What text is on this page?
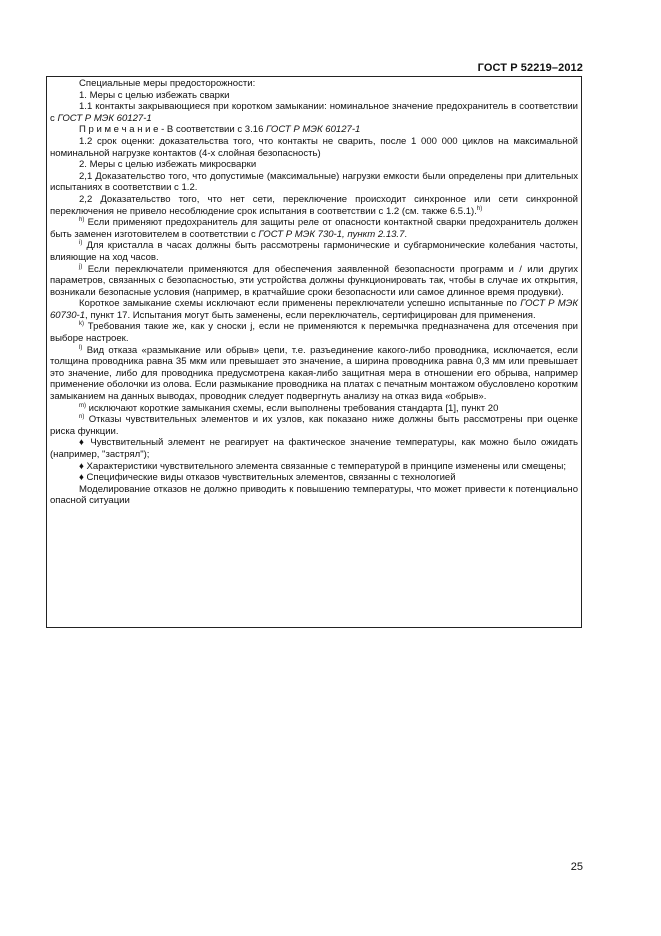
ГОСТ Р 52219–2012

Специальные меры предосторожности:

1. Меры с целью избежать сварки

1.1 контакты закрывающиеся при коротком замыкании: номинальное значение предохранитель в соответствии с ГОСТ Р МЭК 60127-1

П р и м е ч а н и е - В соответствии с 3.16 ГОСТ Р МЭК 60127-1

1.2 срок оценки: доказательства того, что контакты не сварить, после 1 000 000 циклов на максимальной номинальной нагрузке контактов (4-х слойная безопасность)

2. Меры с целью избежать микросварки

2,1 Доказательство того, что допустимые (максимальные) нагрузки емкости были определены при длительных испытаниях в соответствии с 1.2.

2,2 Доказательство того, что нет сети, переключение происходит синхронное или сети синхронной переключения не привело несоблюдение срок испытания в соответствии с 1.2 (см. также 6.5.1).$^{h)}$

$^{h)}$ Если применяют предохранитель для защиты реле от опасности контактной сварки предохранитель должен быть заменен изготовителем в соответствии с ГОСТ Р МЭК 730-1, пункт 2.13.7.

$^{i)}$ Для кристалла в часах должны быть рассмотрены гармонические и субгармонические колебания частоты, влияющие на ход часов.

$^{j)}$ Если переключатели применяются для обеспечения заявленной безопасности программ и / или других параметров, связанных с безопасностью, эти устройства должны функционировать так, чтобы в случае их открытия, возникали безопасные условия (например, в кратчайшие сроки безопасности или самое длинное время продувки).

Короткое замыкание схемы исключают если применены переключатели успешно испытанные по ГОСТ Р МЭК 60730-1, пункт 17. Испытания могут быть заменены, если переключатель, сертифицирован для применения.

$^{k)}$ Требования такие же, как у сноски j, если не применяются к перемычка предназначена для отсечения при выборе настроек.

$^{l)}$ Вид отказа «размыкание или обрыв» цепи, т.е. разъединение какого-либо проводника, исключается, если толщина проводника равна 35 мкм или превышает это значение, а ширина проводника равна 0,3 мм или превышает это значение, либо для проводника предусмотрена какая-либо защитная мера в отношении его обрыва, например применение оболочки из олова. Если размыкание проводника на платах с печатным монтажом обусловлено коротким замыканием на данных выводах, проводник следует подвергнуть анализу на отказ вида «обрыв».

$^{m)}$ исключают короткие замыкания схемы, если выполнены требования стандарта [1], пункт 20

$^{n)}$ Отказы чувствительных элементов и их узлов, как показано ниже должны быть рассмотрены при оценке риска функции.

♦ Чувствительный элемент не реагирует на фактическое значение температуры, как можно было ожидать (например, "застрял");

♦ Характеристики чувствительного элемента связанные с температурой в принципе изменены или смещены;

♦ Специфические виды отказов чувствительных элементов, связанны с технологией

Моделирование отказов не должно приводить к повышению температуры, что может привести к потенциально опасной ситуации

25
